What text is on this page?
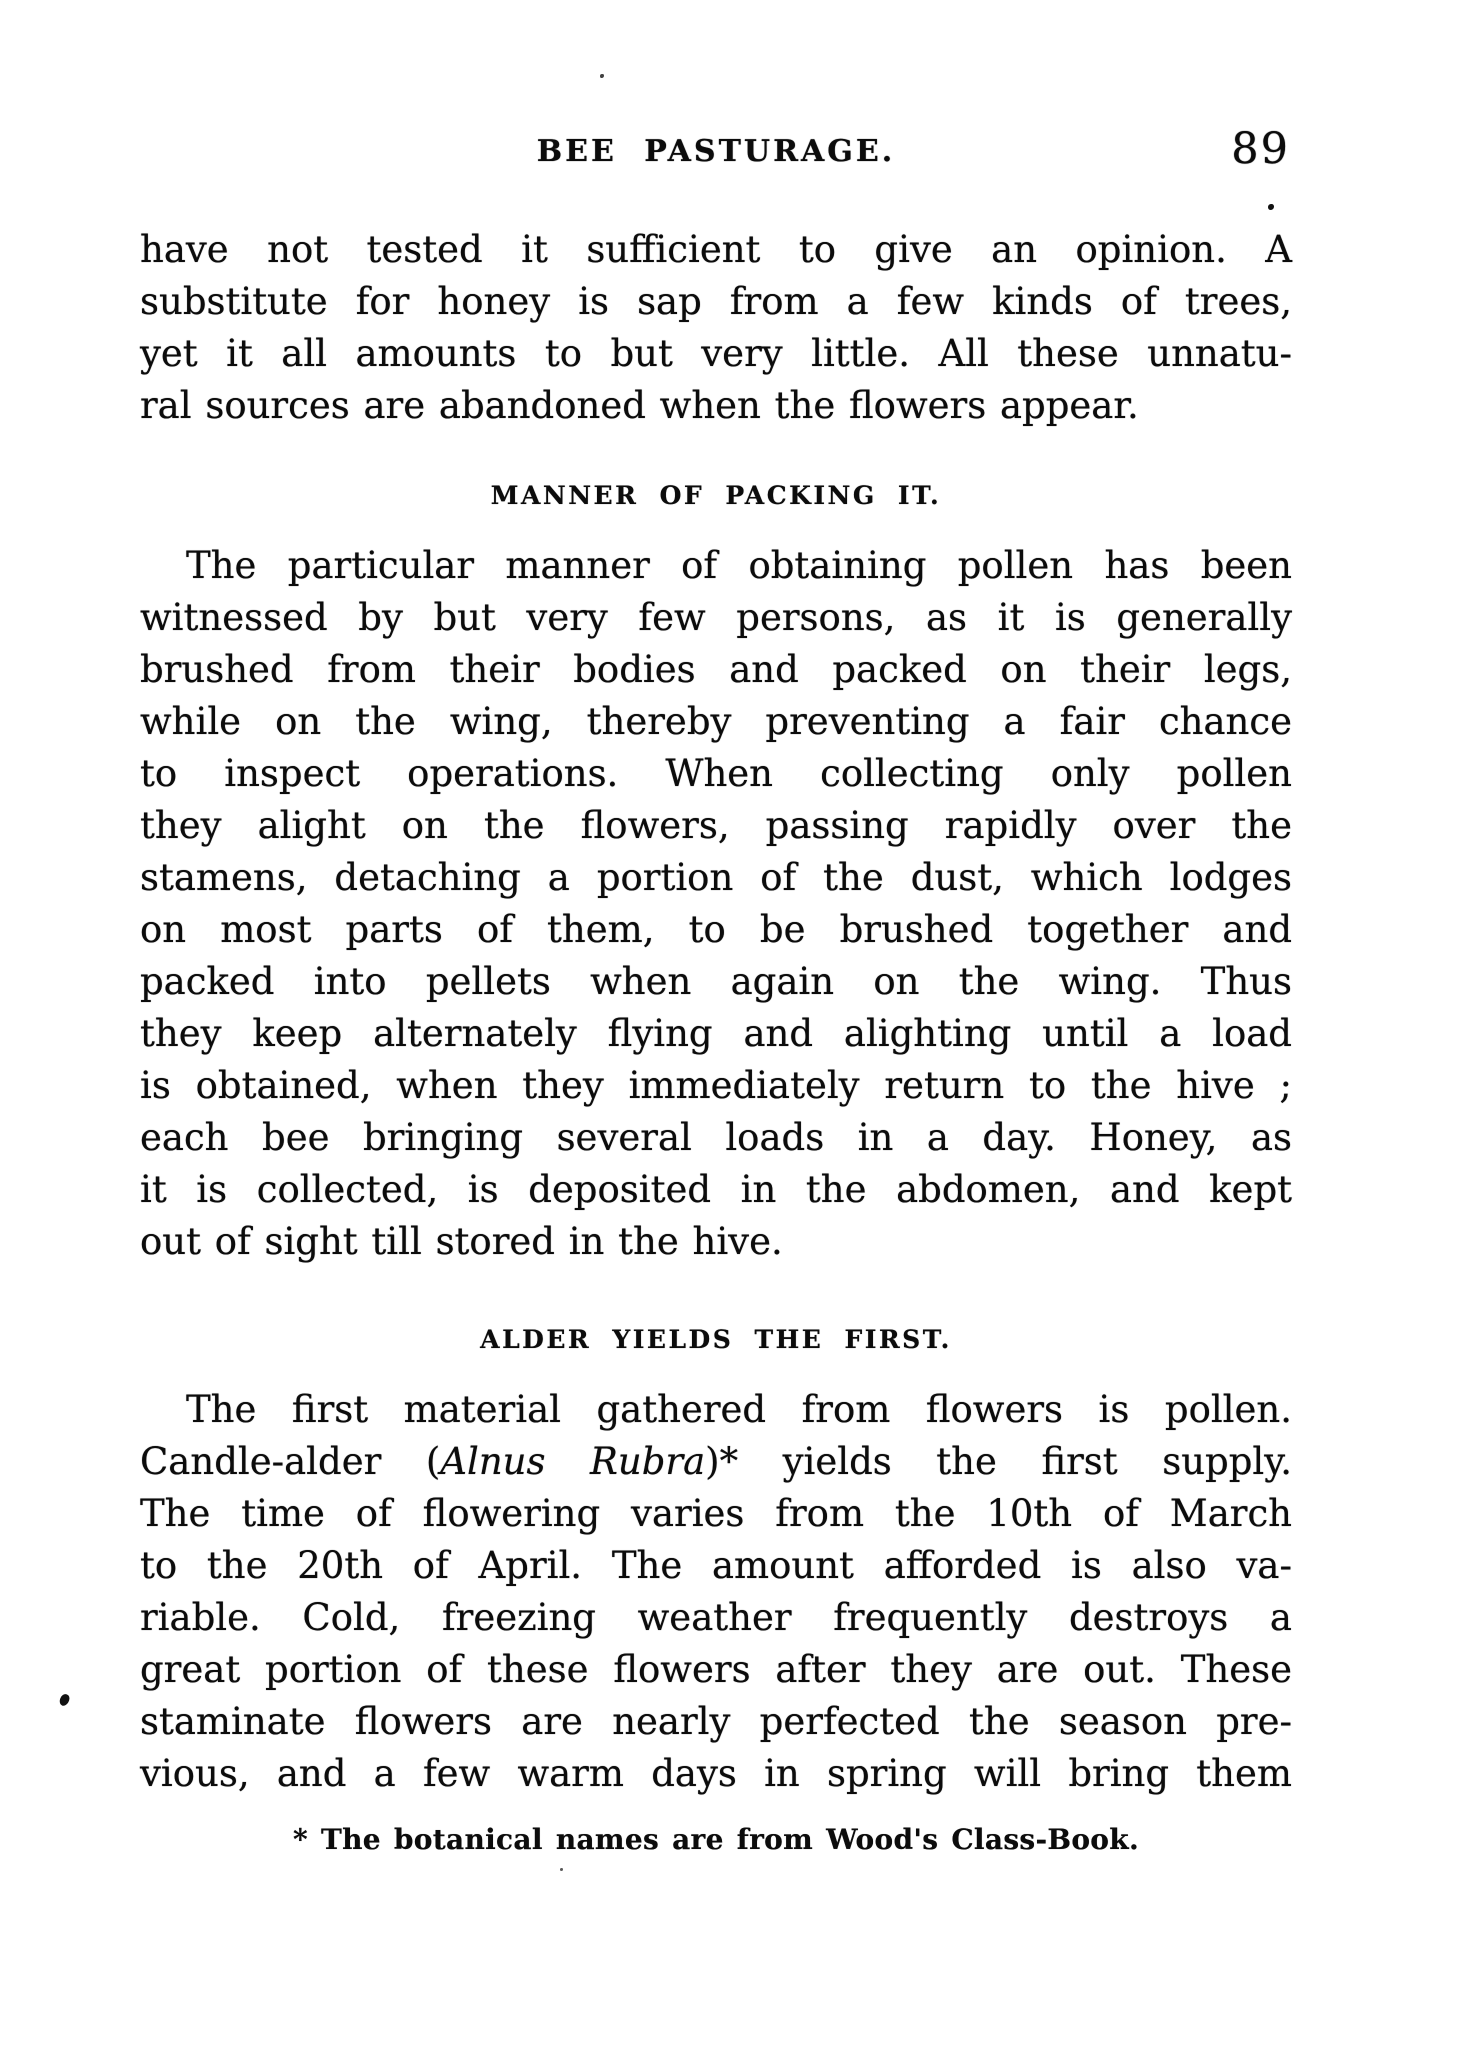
BEE PASTURAGE.	89
have not tested it sufficient to give an opinion. A
substitute for honey is sap from a few kinds of trees,
yet it all amounts to but very little. All these unnatu-
ral sources are abandoned when the flowers appear.
MANNER OF PACKING IT.
The particular manner of obtaining pollen has been
witnessed by but very few persons, as it is generally
brushed from their bodies and packed on their legs,
while on the wing, thereby preventing a fair chance
to inspect operations. When collecting only pollen
they alight on the flowers, passing rapidly over the
stamens, detaching a portion of the dust, which lodges
on most parts of them, to be brushed together and
packed into pellets when again on the wing. Thus
they keep alternately flying and alighting until a load
is obtained, when they immediately return to the hive ;
each bee bringing several loads in a day. Honey, as
it is collected, is deposited in the abdomen, and kept
out of sight till stored in the hive.
ALDER YIELDS THE FIRST.
The first material gathered from flowers is pollen.
Candle-alder (Alnus Rubra)* yields the first supply.
The time of flowering varies from the 10th of March
to the 20th of April. The amount afforded is also va-
riable. Cold, freezing weather frequently destroys a
great portion of these flowers after they are out. These
staminate flowers are nearly perfected the season pre-
vious, and a few warm days in spring will bring them
* The botanical names are from Wood's Class-Book.
